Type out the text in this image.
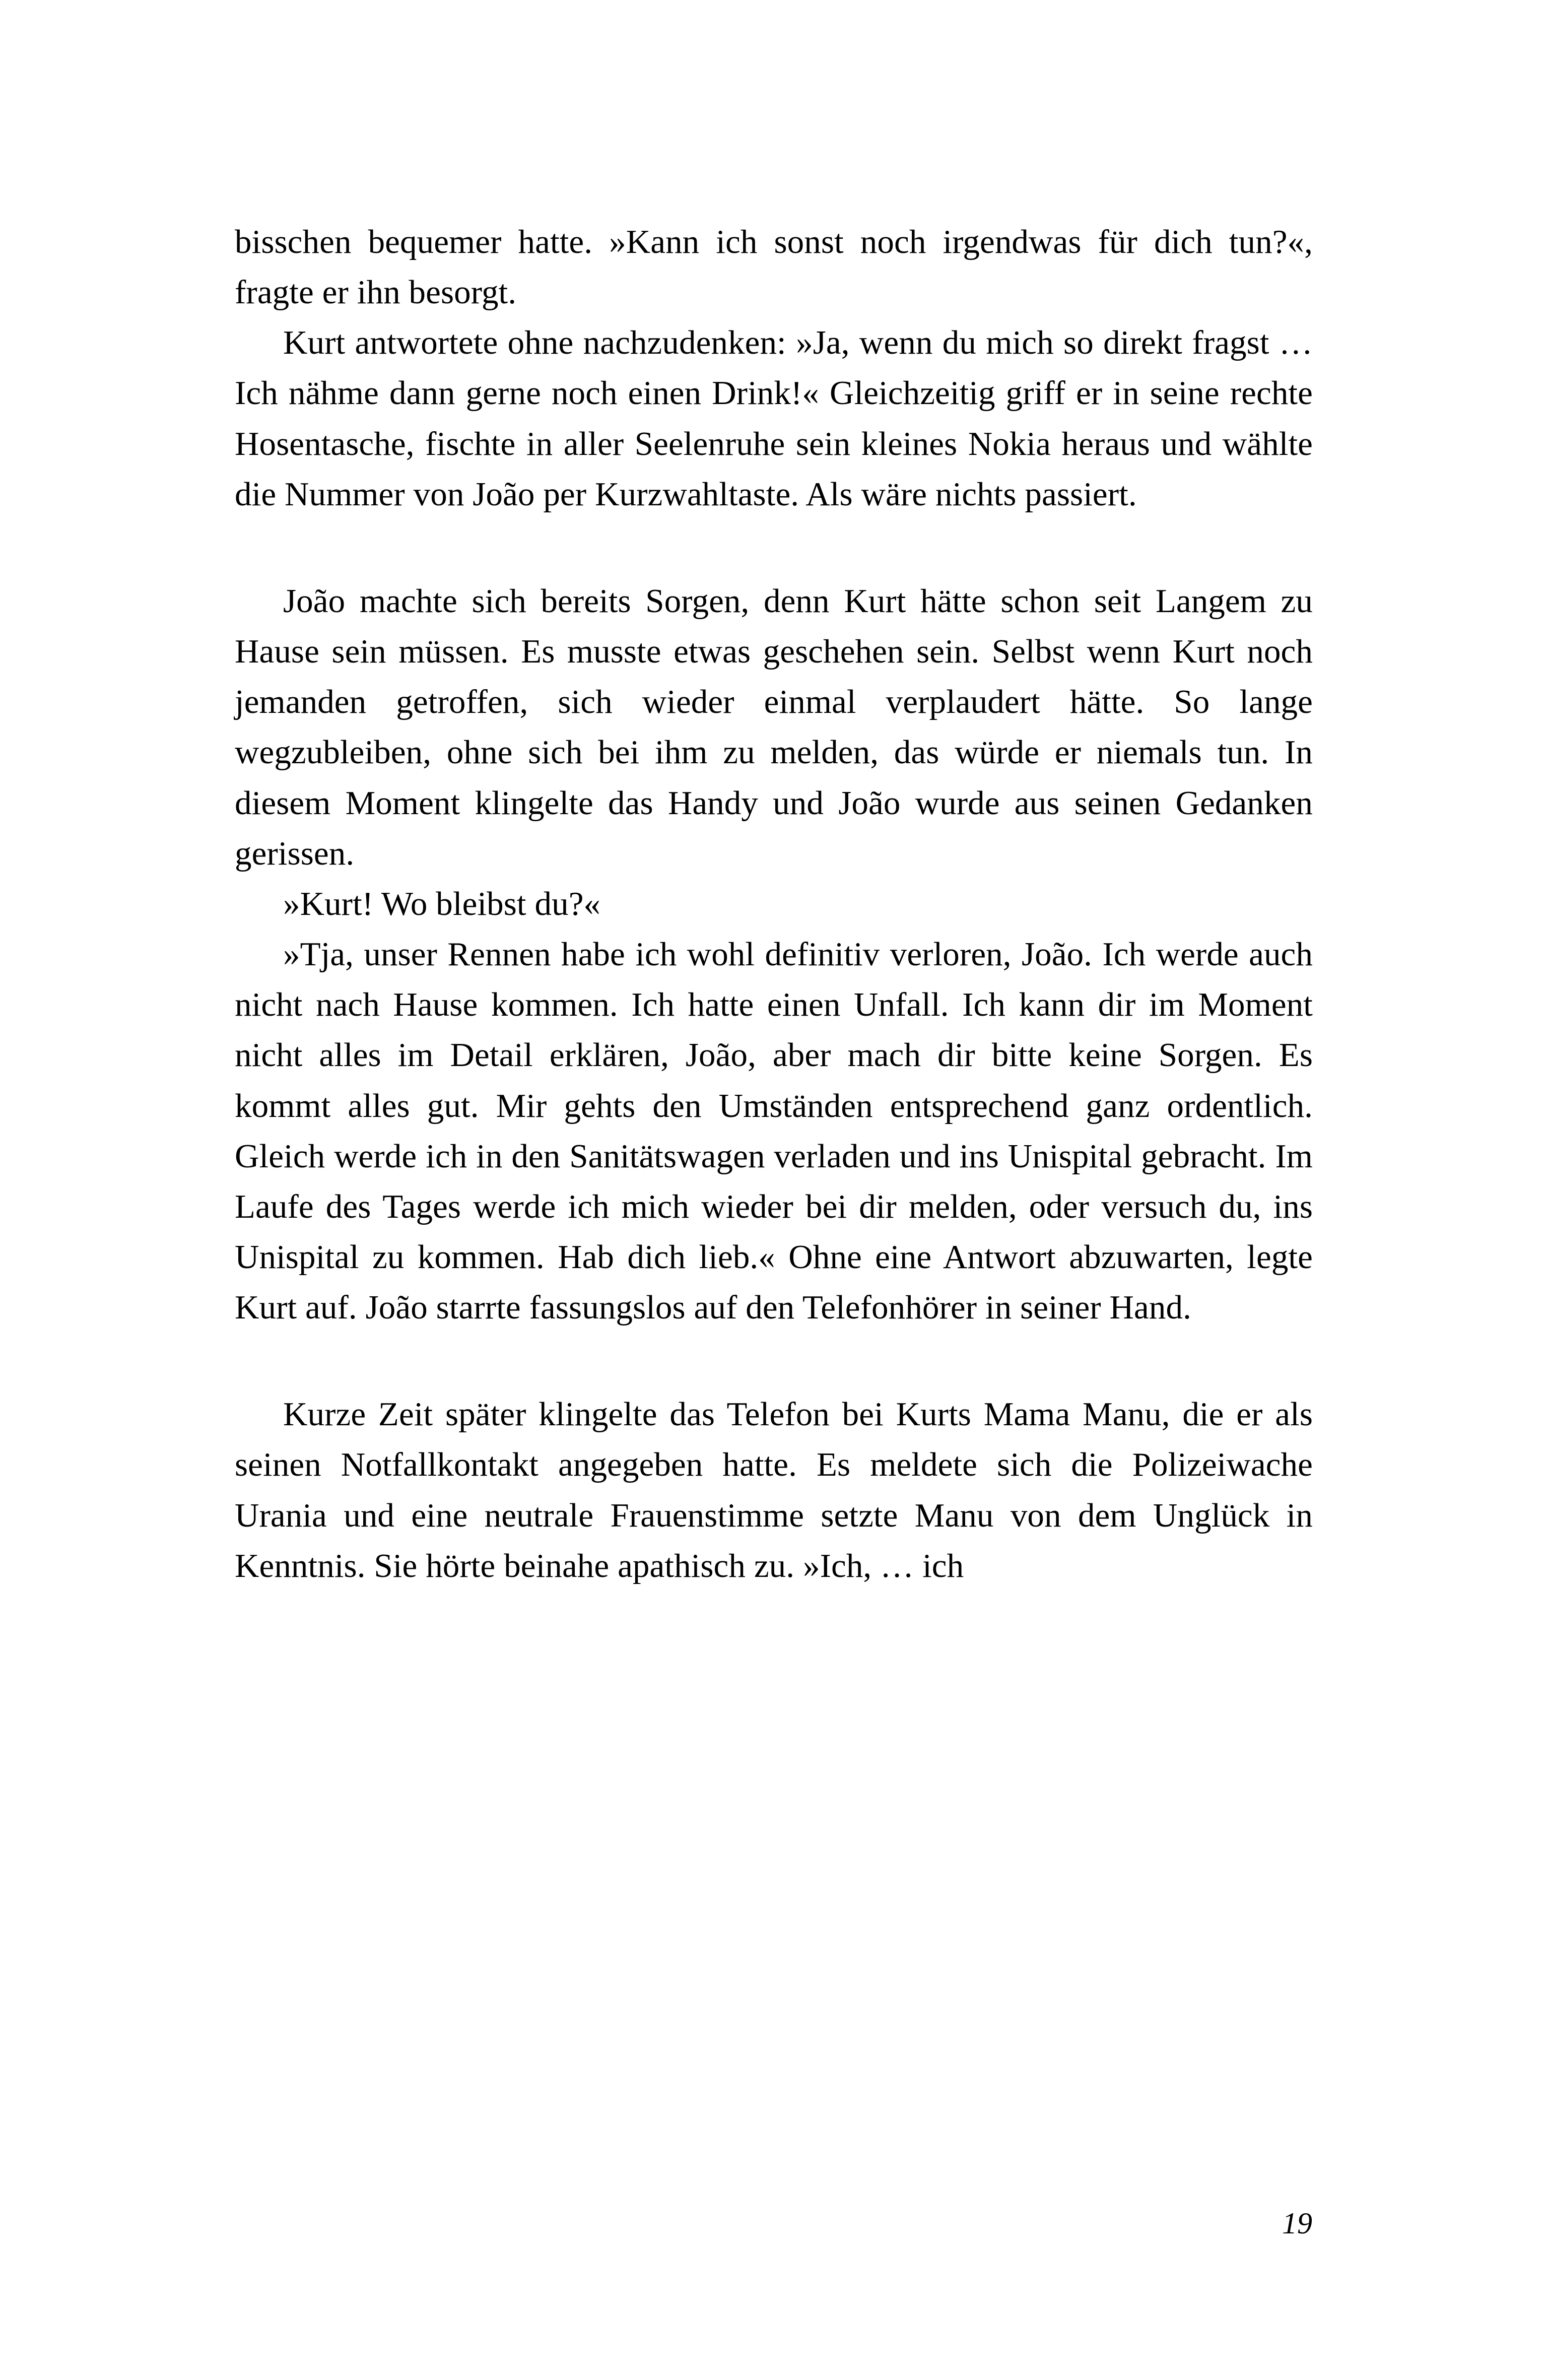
bisschen bequemer hatte. »Kann ich sonst noch irgendwas für dich tun?«, fragte er ihn besorgt.

Kurt antwortete ohne nachzudenken: »Ja, wenn du mich so direkt fragst … Ich nähme dann gerne noch einen Drink!« Gleichzeitig griff er in seine rechte Hosentasche, fischte in aller Seelenruhe sein kleines Nokia heraus und wählte die Nummer von João per Kurzwahltaste. Als wäre nichts passiert.

João machte sich bereits Sorgen, denn Kurt hätte schon seit Langem zu Hause sein müssen. Es musste etwas geschehen sein. Selbst wenn Kurt noch jemanden getroffen, sich wieder einmal verplaudert hätte. So lange wegzubleiben, ohne sich bei ihm zu melden, das würde er niemals tun. In diesem Moment klingelte das Handy und João wurde aus seinen Gedanken gerissen.

»Kurt! Wo bleibst du?«

»Tja, unser Rennen habe ich wohl definitiv verloren, João. Ich werde auch nicht nach Hause kommen. Ich hatte einen Unfall. Ich kann dir im Moment nicht alles im Detail erklären, João, aber mach dir bitte keine Sorgen. Es kommt alles gut. Mir gehts den Umständen entsprechend ganz ordentlich. Gleich werde ich in den Sanitätswagen verladen und ins Unispital gebracht. Im Laufe des Tages werde ich mich wieder bei dir melden, oder versuch du, ins Unispital zu kommen. Hab dich lieb.« Ohne eine Antwort abzuwarten, legte Kurt auf. João starrte fassungslos auf den Telefonhörer in seiner Hand.

Kurze Zeit später klingelte das Telefon bei Kurts Mama Manu, die er als seinen Notfallkontakt angegeben hatte. Es meldete sich die Polizeiwache Urania und eine neutrale Frauenstimme setzte Manu von dem Unglück in Kenntnis. Sie hörte beinahe apathisch zu. »Ich, … ich

19
